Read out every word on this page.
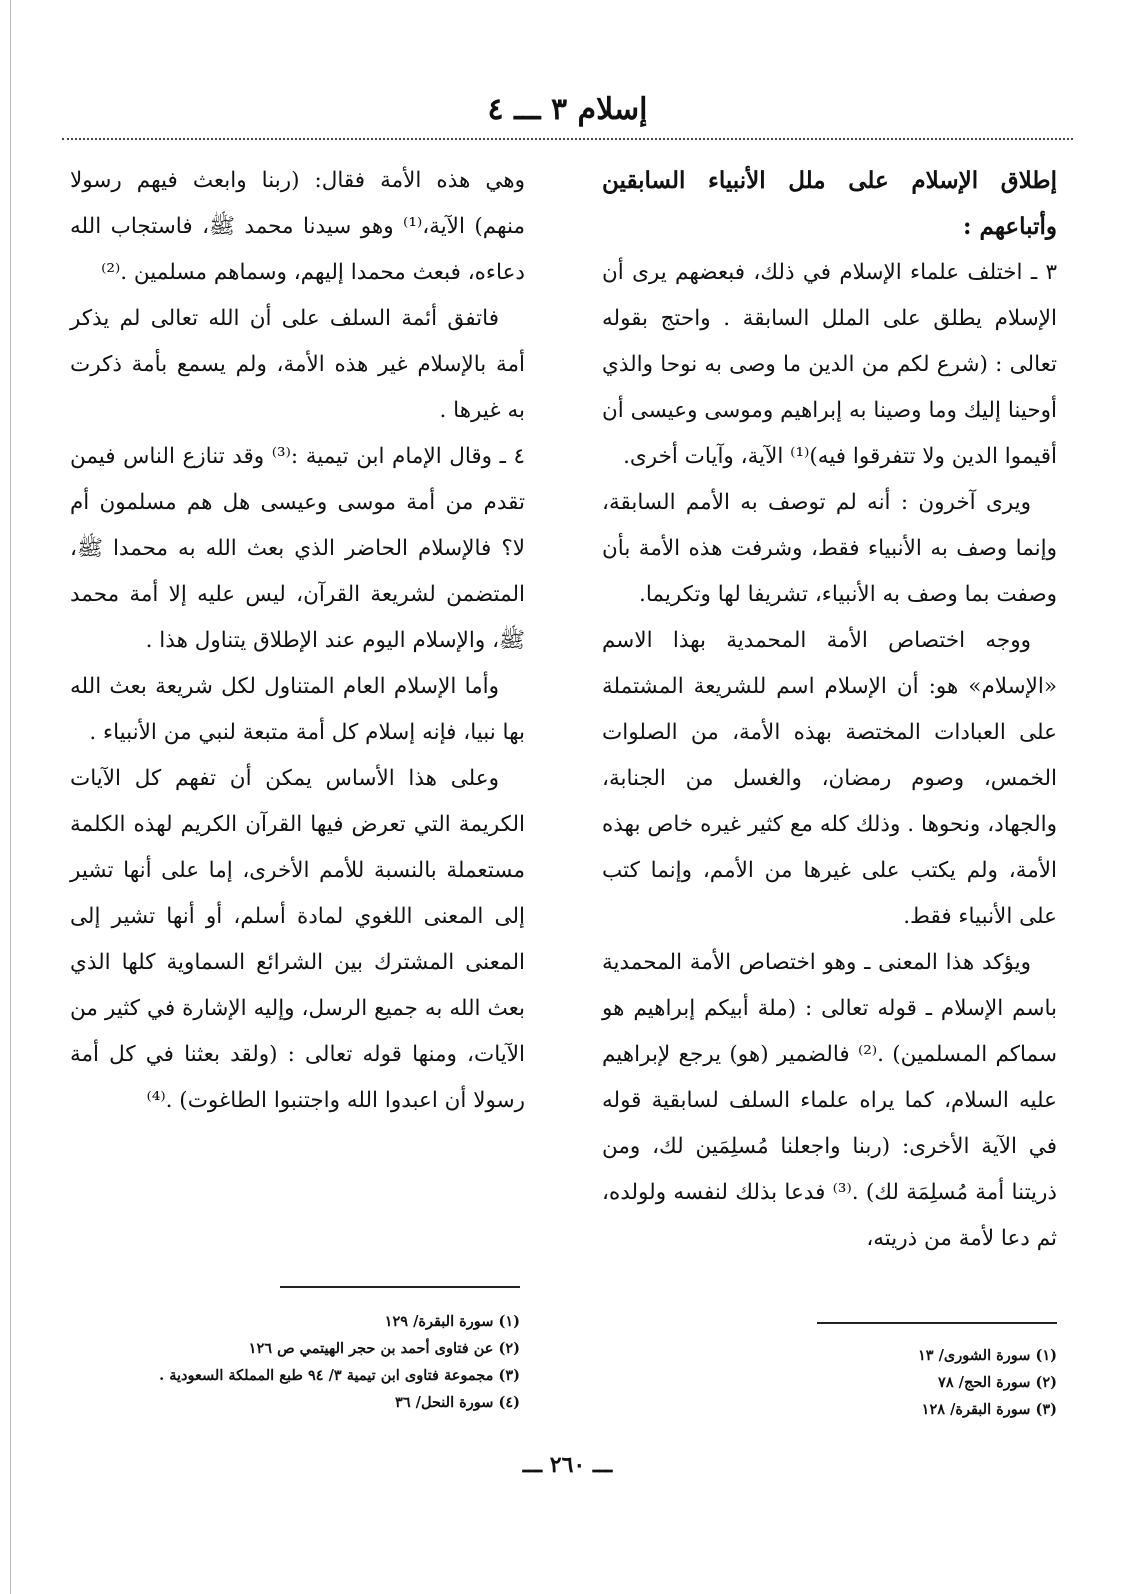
إسلام ٣ ـــ ٤

إطلاق الإسلام على ملل الأنبياء السابقين وأتباعهم :

٣ ـ اختلف علماء الإسلام في ذلك، فبعضهم يرى أن الإسلام يطلق على الملل السابقة . واحتج بقوله تعالى : (شرع لكم من الدين ما وصى به نوحا والذي أوحينا إليك وما وصينا به إبراهيم وموسى وعيسى أن أقيموا الدين ولا تتفرقوا فيه)⁽¹⁾ الآية، وآيات أخرى.

ويرى آخرون : أنه لم توصف به الأمم السابقة، وإنما وصف به الأنبياء فقط، وشرفت هذه الأمة بأن وصفت بما وصف به الأنبياء، تشريفا لها وتكريما.

ووجه اختصاص الأمة المحمدية بهذا الاسم «الإسلام» هو: أن الإسلام اسم للشريعة المشتملة على العبادات المختصة بهذه الأمة، من الصلوات الخمس، وصوم رمضان، والغسل من الجنابة، والجهاد، ونحوها . وذلك كله مع كثير غيره خاص بهذه الأمة، ولم يكتب على غيرها من الأمم، وإنما كتب على الأنبياء فقط.

ويؤكد هذا المعنى ـ وهو اختصاص الأمة المحمدية باسم الإسلام ـ قوله تعالى : (ملة أبيكم إبراهيم هو سماكم المسلمين) .⁽²⁾ فالضمير (هو) يرجع لإبراهيم عليه السلام، كما يراه علماء السلف لسابقية قوله في الآية الأخرى: (ربنا واجعلنا مُسلِمَين لك، ومن ذريتنا أمة مُسلِمَة لك) .⁽³⁾ فدعا بذلك لنفسه ولولده، ثم دعا لأمة من ذريته،

وهي هذه الأمة فقال: (ربنا وابعث فيهم رسولا منهم) الآية،⁽¹⁾ وهو سيدنا محمد ﷺ، فاستجاب الله دعاءه، فبعث محمدا إليهم، وسماهم مسلمين .⁽²⁾

فاتفق أئمة السلف على أن الله تعالى لم يذكر أمة بالإسلام غير هذه الأمة، ولم يسمع بأمة ذكرت به غيرها .

٤ ـ وقال الإمام ابن تيمية :⁽³⁾ وقد تنازع الناس فيمن تقدم من أمة موسى وعيسى هل هم مسلمون أم لا؟ فالإسلام الحاضر الذي بعث الله به محمدا ﷺ، المتضمن لشريعة القرآن، ليس عليه إلا أمة محمد ﷺ، والإسلام اليوم عند الإطلاق يتناول هذا .

وأما الإسلام العام المتناول لكل شريعة بعث الله بها نبيا، فإنه إسلام كل أمة متبعة لنبي من الأنبياء .

وعلى هذا الأساس يمكن أن تفهم كل الآيات الكريمة التي تعرض فيها القرآن الكريم لهذه الكلمة مستعملة بالنسبة للأمم الأخرى، إما على أنها تشير إلى المعنى اللغوي لمادة أسلم، أو أنها تشير إلى المعنى المشترك بين الشرائع السماوية كلها الذي بعث الله به جميع الرسل، وإليه الإشارة في كثير من الآيات، ومنها قوله تعالى : (ولقد بعثنا في كل أمة رسولا أن اعبدوا الله واجتنبوا الطاغوت) .⁽⁴⁾

(١) سورة الشورى/ ١٣

(٢) سورة الحج/ ٧٨

(٣) سورة البقرة/ ١٢٨

(١) سورة البقرة/ ١٢٩

(٢) عن فتاوى أحمد بن حجر الهيتمي ص ١٢٦

(٣) مجموعة فتاوى ابن تيمية ٣/ ٩٤ طبع المملكة السعودية .

(٤) سورة النحل/ ٣٦

ـــ ٢٦٠ ـــ
